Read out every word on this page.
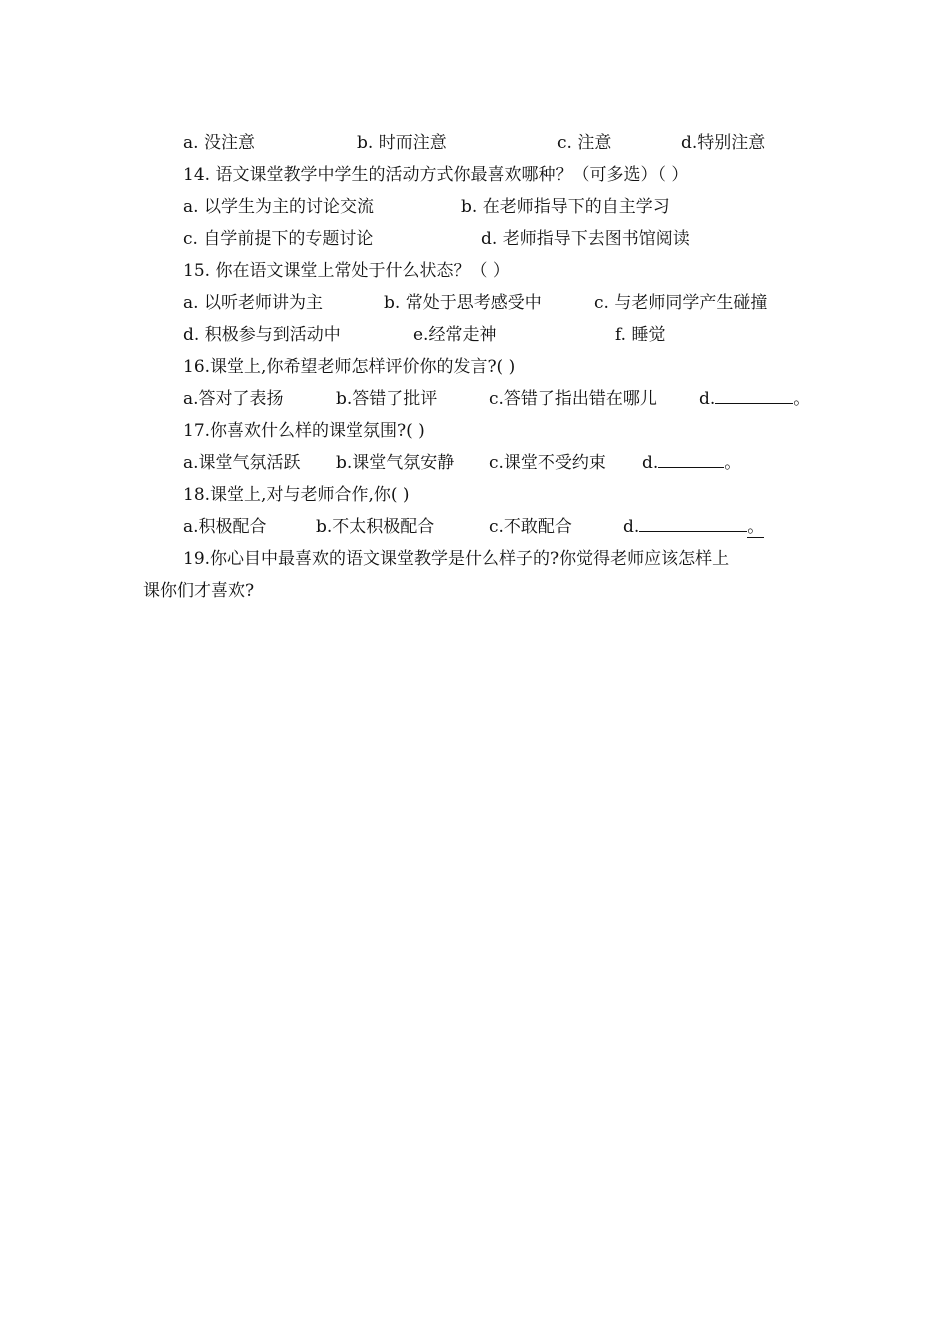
a. 没注意	b. 时而注意	c. 注意	d.特别注意
14. 语文课堂教学中学生的活动方式你最喜欢哪种？（可多选）（ ）
a. 以学生为主的讨论交流	b. 在老师指导下的自主学习
c. 自学前提下的专题讨论	d. 老师指导下去图书馆阅读
15. 你在语文课堂上常处于什么状态？（ ）
a. 以听老师讲为主	b. 常处于思考感受中	c. 与老师同学产生碰撞
d. 积极参与到活动中	e.经常走神	f. 睡觉
16.课堂上,你希望老师怎样评价你的发言?( )
a.答对了表扬	b.答错了批评	c.答错了指出错在哪儿 d.	。
17.你喜欢什么样的课堂氛围?( )
a.课堂气氛活跃 b.课堂气氛安静 c.课堂不受约束 d.	。
18.课堂上,对与老师合作,你( )
a.积极配合	b.不太积极配合	c.不敢配合	d.	。
19.你心目中最喜欢的语文课堂教学是什么样子的?你觉得老师应该怎样上
课你们才喜欢?
